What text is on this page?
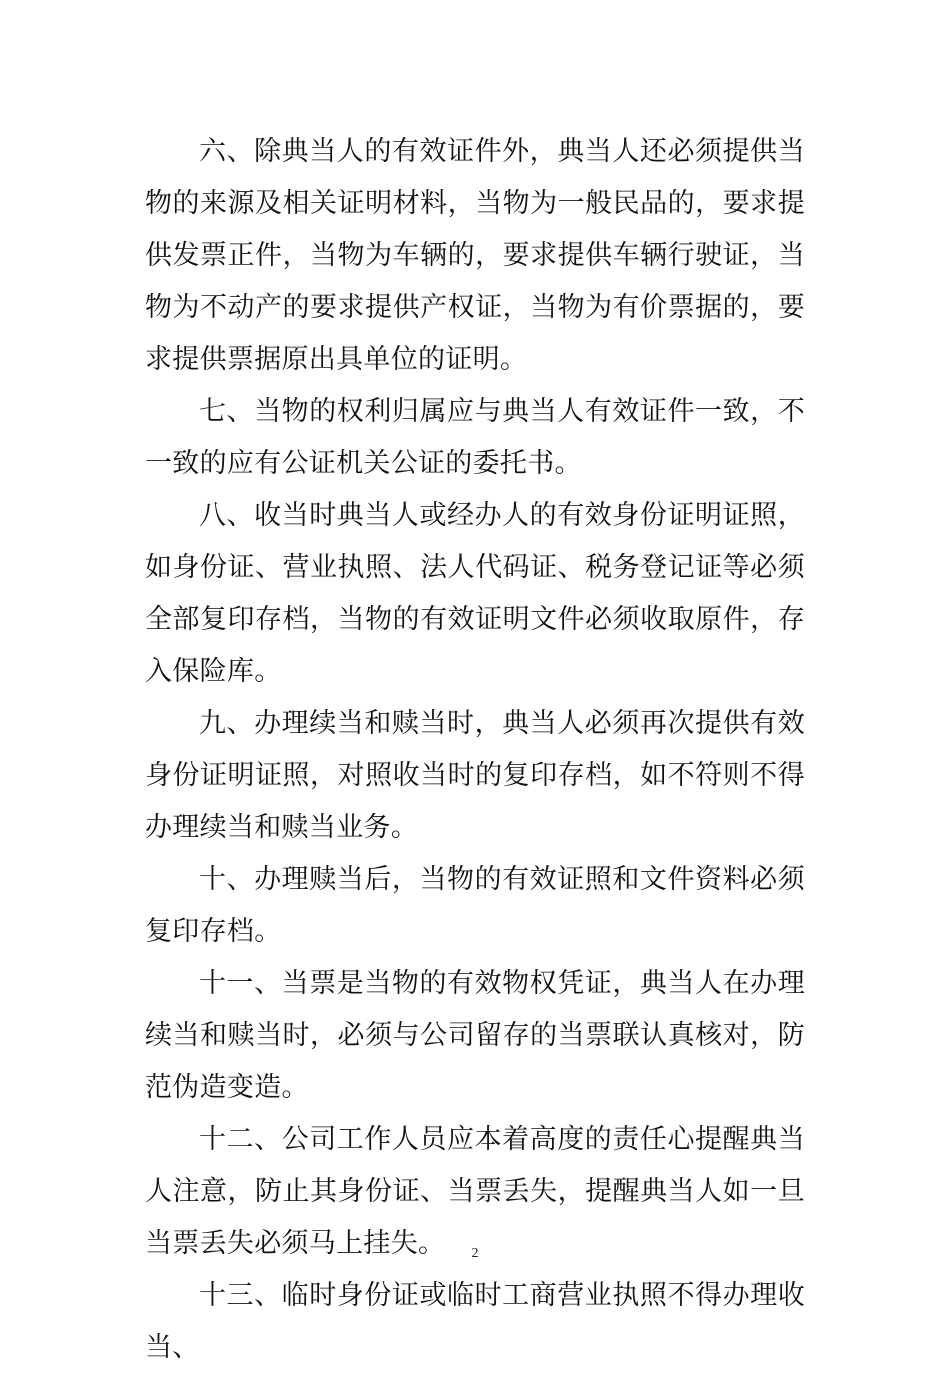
六、除典当人的有效证件外，典当人还必须提供当物的来源及相关证明材料，当物为一般民品的，要求提供发票正件，当物为车辆的，要求提供车辆行驶证，当物为不动产的要求提供产权证，当物为有价票据的，要求提供票据原出具单位的证明。

七、当物的权利归属应与典当人有效证件一致，不一致的应有公证机关公证的委托书。

八、收当时典当人或经办人的有效身份证明证照，如身份证、营业执照、法人代码证、税务登记证等必须全部复印存档，当物的有效证明文件必须收取原件，存入保险库。

九、办理续当和赎当时，典当人必须再次提供有效身份证明证照，对照收当时的复印存档，如不符则不得办理续当和赎当业务。

十、办理赎当后，当物的有效证照和文件资料必须复印存档。

十一、当票是当物的有效物权凭证，典当人在办理续当和赎当时，必须与公司留存的当票联认真核对，防范伪造变造。

十二、公司工作人员应本着高度的责任心提醒典当人注意，防止其身份证、当票丢失，提醒典当人如一旦当票丢失必须马上挂失。

十三、临时身份证或临时工商营业执照不得办理收当、

2
